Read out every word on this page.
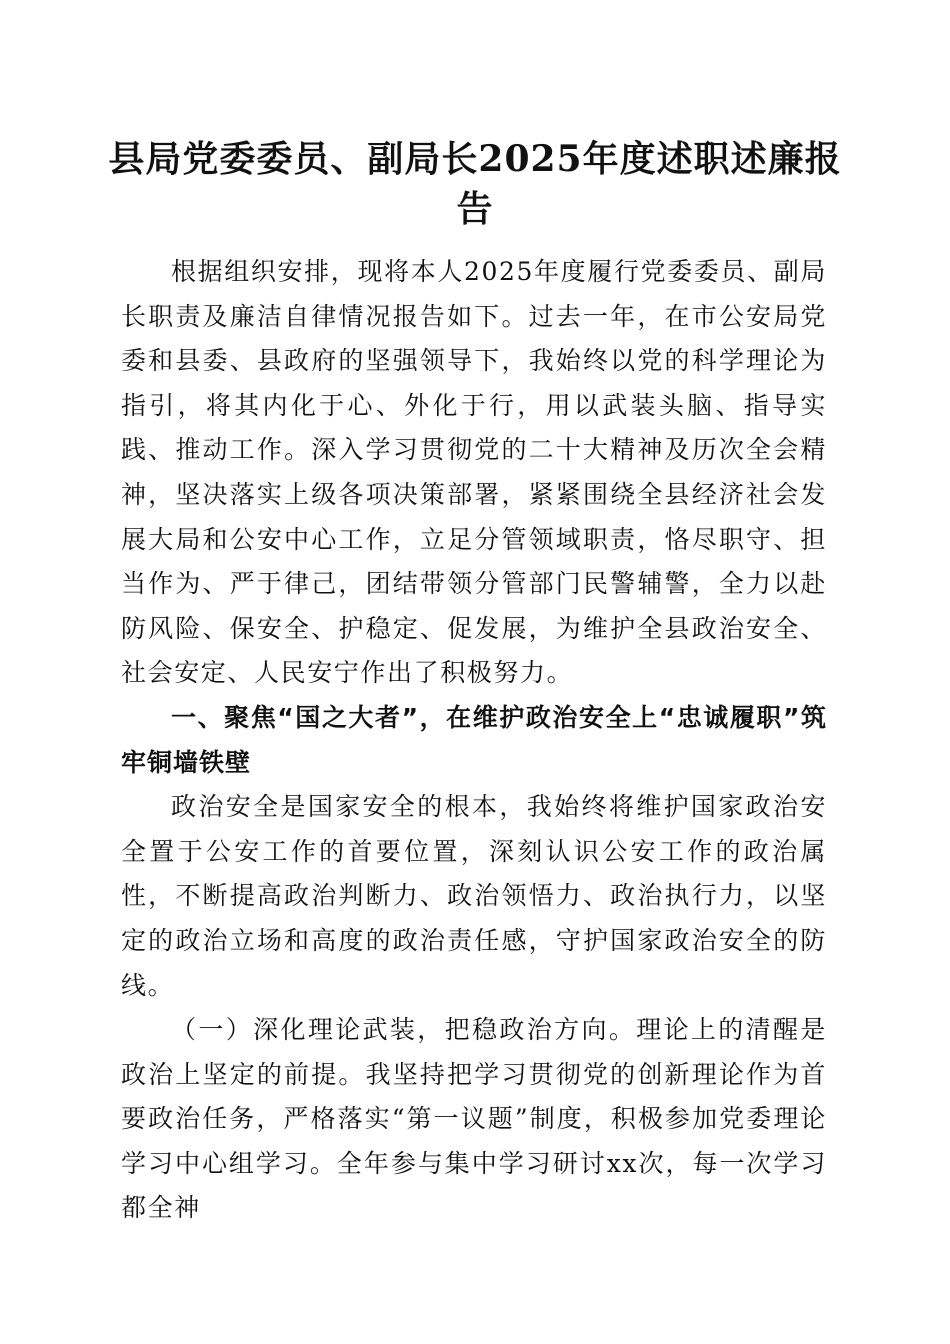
县局党委委员、副局长2025年度述职述廉报告

根据组织安排，现将本人2025年度履行党委委员、副局长职责及廉洁自律情况报告如下。过去一年，在市公安局党委和县委、县政府的坚强领导下，我始终以党的科学理论为指引，将其内化于心、外化于行，用以武装头脑、指导实践、推动工作。深入学习贯彻党的二十大精神及历次全会精神，坚决落实上级各项决策部署，紧紧围绕全县经济社会发展大局和公安中心工作，立足分管领域职责，恪尽职守、担当作为、严于律己，团结带领分管部门民警辅警，全力以赴防风险、保安全、护稳定、促发展，为维护全县政治安全、社会安定、人民安宁作出了积极努力。

一、聚焦“国之大者”，在维护政治安全上“忠诚履职”筑牢铜墙铁壁

政治安全是国家安全的根本，我始终将维护国家政治安全置于公安工作的首要位置，深刻认识公安工作的政治属性，不断提高政治判断力、政治领悟力、政治执行力，以坚定的政治立场和高度的政治责任感，守护国家政治安全的防线。

（一）深化理论武装，把稳政治方向。理论上的清醒是政治上坚定的前提。我坚持把学习贯彻党的创新理论作为首要政治任务，严格落实“第一议题”制度，积极参加党委理论学习中心组学习。全年参与集中学习研讨xx次，每一次学习都全神
